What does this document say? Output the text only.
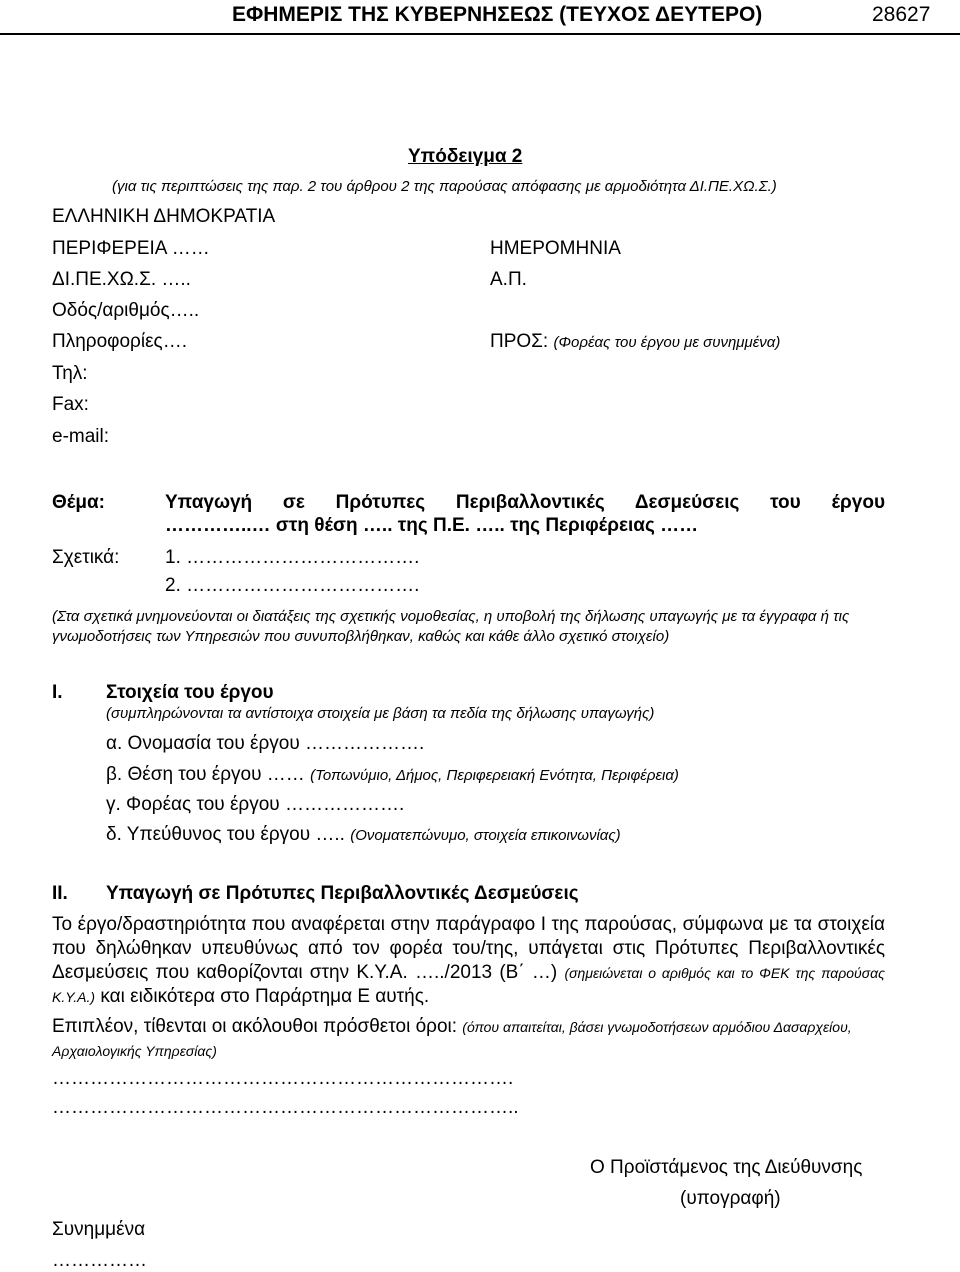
ΕΦΗΜΕΡΙΣ ΤΗΣ ΚΥΒΕΡΝΗΣΕΩΣ (ΤΕΥΧΟΣ ΔΕΥΤΕΡΟ)	28627
Υπόδειγμα 2
(για τις περιπτώσεις της παρ. 2 του άρθρου 2 της παρούσας απόφασης με αρμοδιότητα ΔΙ.ΠΕ.ΧΩ.Σ.)
ΕΛΛΗΝΙΚΗ ΔΗΜΟΚΡΑΤΙΑ
ΠΕΡΙΦΕΡΕΙΑ ……
ΔΙ.ΠΕ.ΧΩ.Σ. …..
Οδός/αριθμός…..
Πληροφορίες….
Τηλ:
Fax:
e-mail:
ΗΜΕΡΟΜΗΝΙΑ
Α.Π.
ΠΡΟΣ: (Φορέας του έργου με συνημμένα)
Θέμα:	Υπαγωγή σε Πρότυπες Περιβαλλοντικές Δεσμεύσεις του έργου
…………..… στη θέση ….. της Π.Ε. ….. της Περιφέρειας ……
Σχετικά: 1. ……………………………….
2. ……………………………….
(Στα σχετικά μνημονεύονται οι διατάξεις της σχετικής νομοθεσίας, η υποβολή της δήλωσης υπαγωγής με τα έγγραφα ή τις γνωμοδοτήσεις των Υπηρεσιών που συνυποβλήθηκαν, καθώς και κάθε άλλο σχετικό στοιχείο)
Ι. Στοιχεία του έργου
(συμπληρώνονται τα αντίστοιχα στοιχεία με βάση τα πεδία της δήλωσης υπαγωγής)
α. Ονομασία του έργου ……………….
β. Θέση του έργου …… (Τοπωνύμιο, Δήμος, Περιφερειακή Ενότητα, Περιφέρεια)
γ. Φορέας του έργου ……………….
δ. Υπεύθυνος του έργου ….. (Ονοματεπώνυμο, στοιχεία επικοινωνίας)
ΙΙ. Υπαγωγή σε Πρότυπες Περιβαλλοντικές Δεσμεύσεις
Το έργο/δραστηριότητα που αναφέρεται στην παράγραφο Ι της παρούσας, σύμφωνα με τα στοιχεία που δηλώθηκαν υπευθύνως από τον φορέα του/της, υπάγεται στις Πρότυπες Περιβαλλοντικές Δεσμεύσεις που καθορίζονται στην Κ.Υ.Α. …../2013 (Β΄ …) (σημειώνεται ο αριθμός και το ΦΕΚ της παρούσας Κ.Υ.Α.) και ειδικότερα στο Παράρτημα Ε αυτής.
Επιπλέον, τίθενται οι ακόλουθοι πρόσθετοι όροι: (όπου απαιτείται, βάσει γνωμοδοτήσεων αρμόδιου Δασαρχείου, Αρχαιολογικής Υπηρεσίας)
……………………………………………………………….
………………………………………………………………..
Ο Προϊστάμενος της Διεύθυνσης
(υπογραφή)
Συνημμένα
……………
